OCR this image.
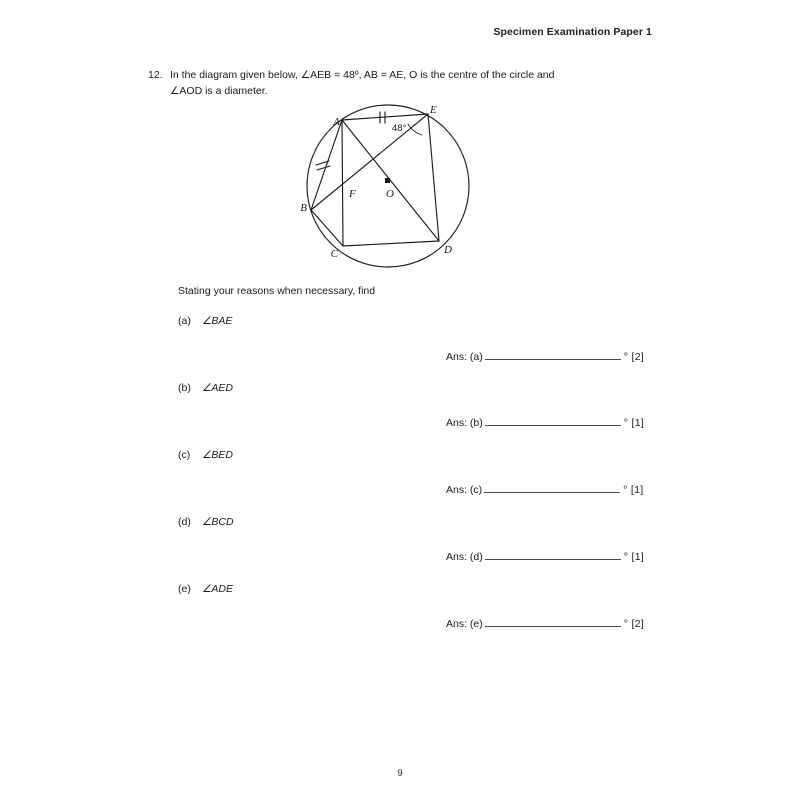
Specimen Examination Paper 1
12. In the diagram given below, ∠AEB = 48º, AB = AE, O is the centre of the circle and
∠AOD is a diameter.
A
B
C	D
E
F	O
48°
Stating your reasons when necessary, find
(a) ∠BAE
Ans: (a)	° [2]
(b) ∠AED
Ans: (b)	° [1]
(c) ∠BED
Ans: (c)	° [1]
(d) ∠BCD
Ans: (d)	° [1]
(e) ∠ADE
Ans: (e)	° [2]
9
